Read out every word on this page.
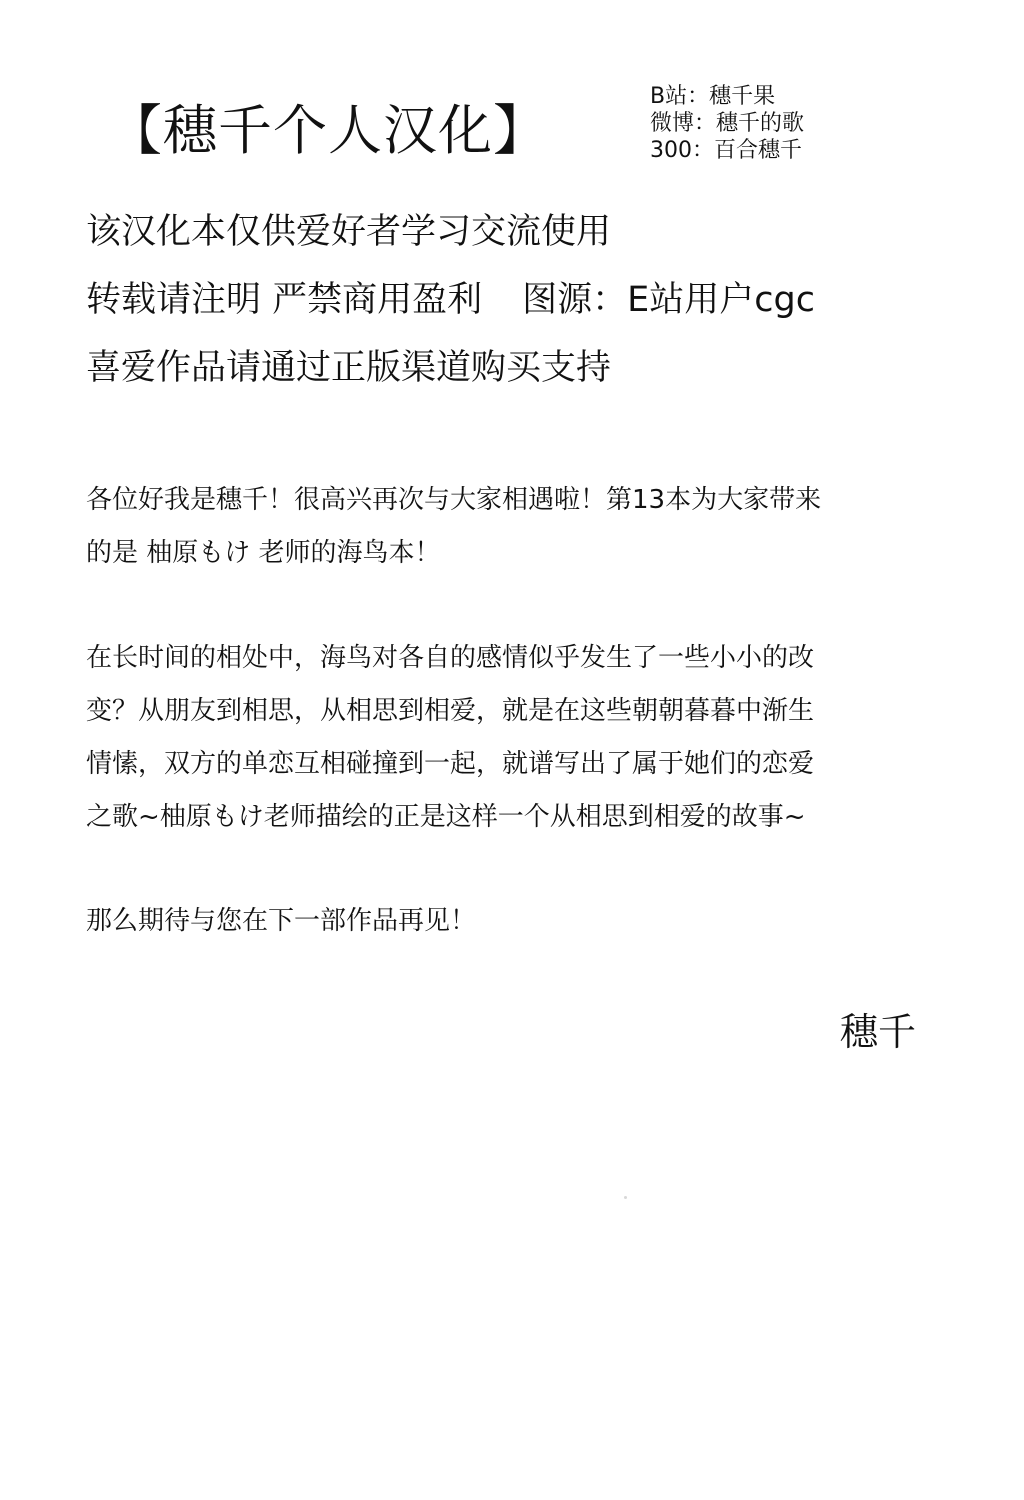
【穗千个人汉化】
B站：穗千果
微博：穗千的歌
300：百合穗千
该汉化本仅供爱好者学习交流使用
转载请注明 严禁商用盈利 图源：E站用户cgc
喜爱作品请通过正版渠道购买支持
各位好我是穗千！很高兴再次与大家相遇啦！第13本为大家带来
的是 柚原もけ 老师的海鸟本！
在长时间的相处中，海鸟对各自的感情似乎发生了一些小小的改
变？从朋友到相思，从相思到相爱，就是在这些朝朝暮暮中渐生
情愫，双方的单恋互相碰撞到一起，就谱写出了属于她们的恋爱
之歌~柚原もけ老师描绘的正是这样一个从相思到相爱的故事~
那么期待与您在下一部作品再见！
穗千
